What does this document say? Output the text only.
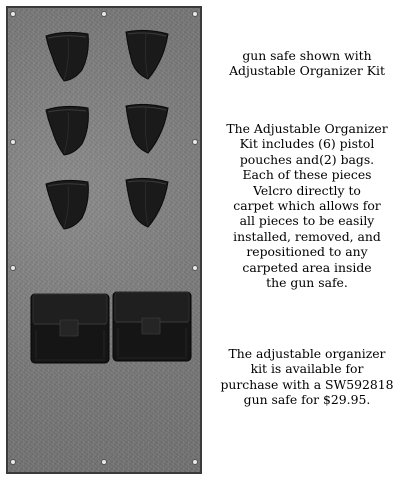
gun safe shown with
Adjustable Organizer Kit
The Adjustable Organizer
Kit includes (6) pistol
pouches and(2) bags.
Each of these pieces
Velcro directly to
carpet which allows for
all pieces to be easily
installed, removed, and
repositioned to any
carpeted area inside
the gun safe.
The adjustable organizer
kit is available for
purchase with a SW592818
gun safe for $29.95.
